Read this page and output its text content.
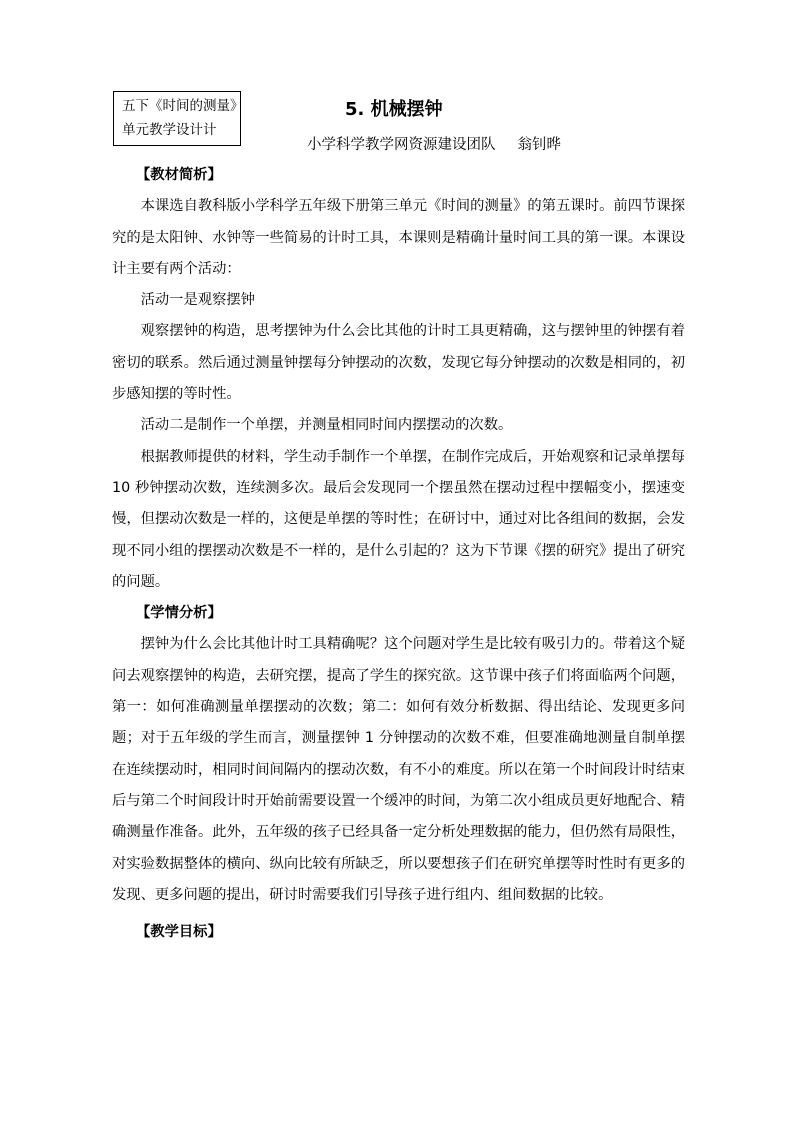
五下《时间的测量》
单元教学设计计
5. 机械摆钟
小学科学教学网资源建设团队 翁钊晔

【教材简析】

本课选自教科版小学科学五年级下册第三单元《时间的测量》的第五课时。前四节课探究的是太阳钟、水钟等一些简易的计时工具，本课则是精确计量时间工具的第一课。本课设计主要有两个活动：

活动一是观察摆钟

观察摆钟的构造，思考摆钟为什么会比其他的计时工具更精确，这与摆钟里的钟摆有着密切的联系。然后通过测量钟摆每分钟摆动的次数，发现它每分钟摆动的次数是相同的，初步感知摆的等时性。

活动二是制作一个单摆，并测量相同时间内摆摆动的次数。

根据教师提供的材料，学生动手制作一个单摆，在制作完成后，开始观察和记录单摆每 10 秒钟摆动次数，连续测多次。最后会发现同一个摆虽然在摆动过程中摆幅变小，摆速变慢，但摆动次数是一样的，这便是单摆的等时性；在研讨中，通过对比各组间的数据，会发现不同小组的摆摆动次数是不一样的，是什么引起的？这为下节课《摆的研究》提出了研究的问题。

【学情分析】

摆钟为什么会比其他计时工具精确呢？这个问题对学生是比较有吸引力的。带着这个疑问去观察摆钟的构造，去研究摆，提高了学生的探究欲。这节课中孩子们将面临两个问题，第一：如何准确测量单摆摆动的次数；第二：如何有效分析数据、得出结论、发现更多问题；对于五年级的学生而言，测量摆钟 1 分钟摆动的次数不难，但要准确地测量自制单摆在连续摆动时，相同时间间隔内的摆动次数，有不小的难度。所以在第一个时间段计时结束后与第二个时间段计时开始前需要设置一个缓冲的时间，为第二次小组成员更好地配合、精确测量作准备。此外，五年级的孩子已经具备一定分析处理数据的能力，但仍然有局限性，对实验数据整体的横向、纵向比较有所缺乏，所以要想孩子们在研究单摆等时性时有更多的发现、更多问题的提出，研讨时需要我们引导孩子进行组内、组间数据的比较。

【教学目标】
